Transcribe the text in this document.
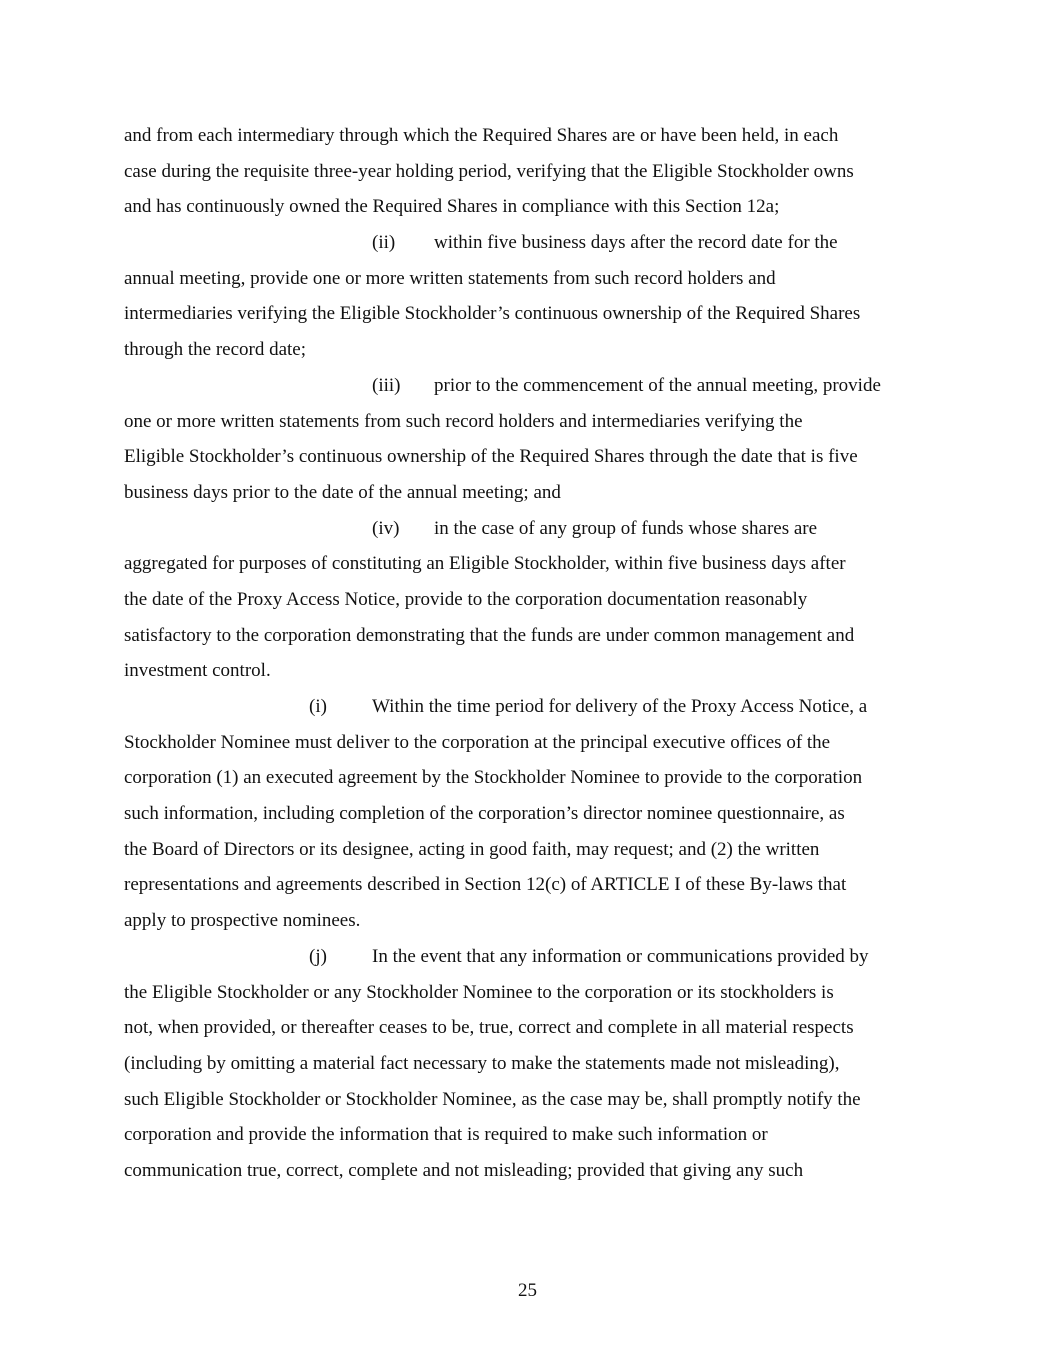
and from each intermediary through which the Required Shares are or have been held, in each
case during the requisite three-year holding period, verifying that the Eligible Stockholder owns
and has continuously owned the Required Shares in compliance with this Section 12a;
(ii) within five business days after the record date for the
annual meeting, provide one or more written statements from such record holders and
intermediaries verifying the Eligible Stockholder’s continuous ownership of the Required Shares
through the record date;
(iii) prior to the commencement of the annual meeting, provide
one or more written statements from such record holders and intermediaries verifying the
Eligible Stockholder’s continuous ownership of the Required Shares through the date that is five
business days prior to the date of the annual meeting; and
(iv) in the case of any group of funds whose shares are
aggregated for purposes of constituting an Eligible Stockholder, within five business days after
the date of the Proxy Access Notice, provide to the corporation documentation reasonably
satisfactory to the corporation demonstrating that the funds are under common management and
investment control.
(i) Within the time period for delivery of the Proxy Access Notice, a
Stockholder Nominee must deliver to the corporation at the principal executive offices of the
corporation (1) an executed agreement by the Stockholder Nominee to provide to the corporation
such information, including completion of the corporation’s director nominee questionnaire, as
the Board of Directors or its designee, acting in good faith, may request; and (2) the written
representations and agreements described in Section 12(c) of ARTICLE I of these By-laws that
apply to prospective nominees.
(j) In the event that any information or communications provided by
the Eligible Stockholder or any Stockholder Nominee to the corporation or its stockholders is
not, when provided, or thereafter ceases to be, true, correct and complete in all material respects
(including by omitting a material fact necessary to make the statements made not misleading),
such Eligible Stockholder or Stockholder Nominee, as the case may be, shall promptly notify the
corporation and provide the information that is required to make such information or
communication true, correct, complete and not misleading; provided that giving any such
25
